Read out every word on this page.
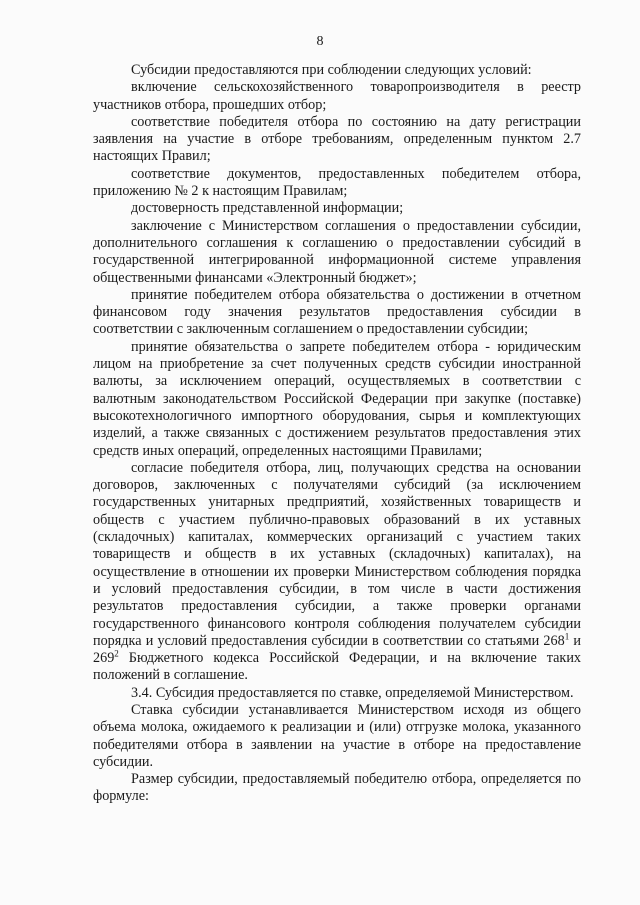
8

Субсидии предоставляются при соблюдении следующих условий:

включение сельскохозяйственного товаропроизводителя в реестр участников отбора, прошедших отбор;

соответствие победителя отбора по состоянию на дату регистрации заявления на участие в отборе требованиям, определенным пунктом 2.7 настоящих Правил;

соответствие документов, предоставленных победителем отбора, приложению № 2 к настоящим Правилам;

достоверность представленной информации;

заключение с Министерством соглашения о предоставлении субсидии, дополнительного соглашения к соглашению о предоставлении субсидий в государственной интегрированной информационной системе управления общественными финансами «Электронный бюджет»;

принятие победителем отбора обязательства о достижении в отчетном финансовом году значения результатов предоставления субсидии в соответствии с заключенным соглашением о предоставлении субсидии;

принятие обязательства о запрете победителем отбора - юридическим лицом на приобретение за счет полученных средств субсидии иностранной валюты, за исключением операций, осуществляемых в соответствии с валютным законодательством Российской Федерации при закупке (поставке) высокотехнологичного импортного оборудования, сырья и комплектующих изделий, а также связанных с достижением результатов предоставления этих средств иных операций, определенных настоящими Правилами;

согласие победителя отбора, лиц, получающих средства на основании договоров, заключенных с получателями субсидий (за исключением государственных унитарных предприятий, хозяйственных товариществ и обществ с участием публично-правовых образований в их уставных (складочных) капиталах, коммерческих организаций с участием таких товариществ и обществ в их уставных (складочных) капиталах), на осуществление в отношении их проверки Министерством соблюдения порядка и условий предоставления субсидии, в том числе в части достижения результатов предоставления субсидии, а также проверки органами государственного финансового контроля соблюдения получателем субсидии порядка и условий предоставления субсидии в соответствии со статьями $268^1$ и $269^2$ Бюджетного кодекса Российской Федерации, и на включение таких положений в соглашение.

3.4. Субсидия предоставляется по ставке, определяемой Министерством.

Ставка субсидии устанавливается Министерством исходя из общего объема молока, ожидаемого к реализации и (или) отгрузке молока, указанного победителями отбора в заявлении на участие в отборе на предоставление субсидии.

Размер субсидии, предоставляемый победителю отбора, определяется по формуле:
